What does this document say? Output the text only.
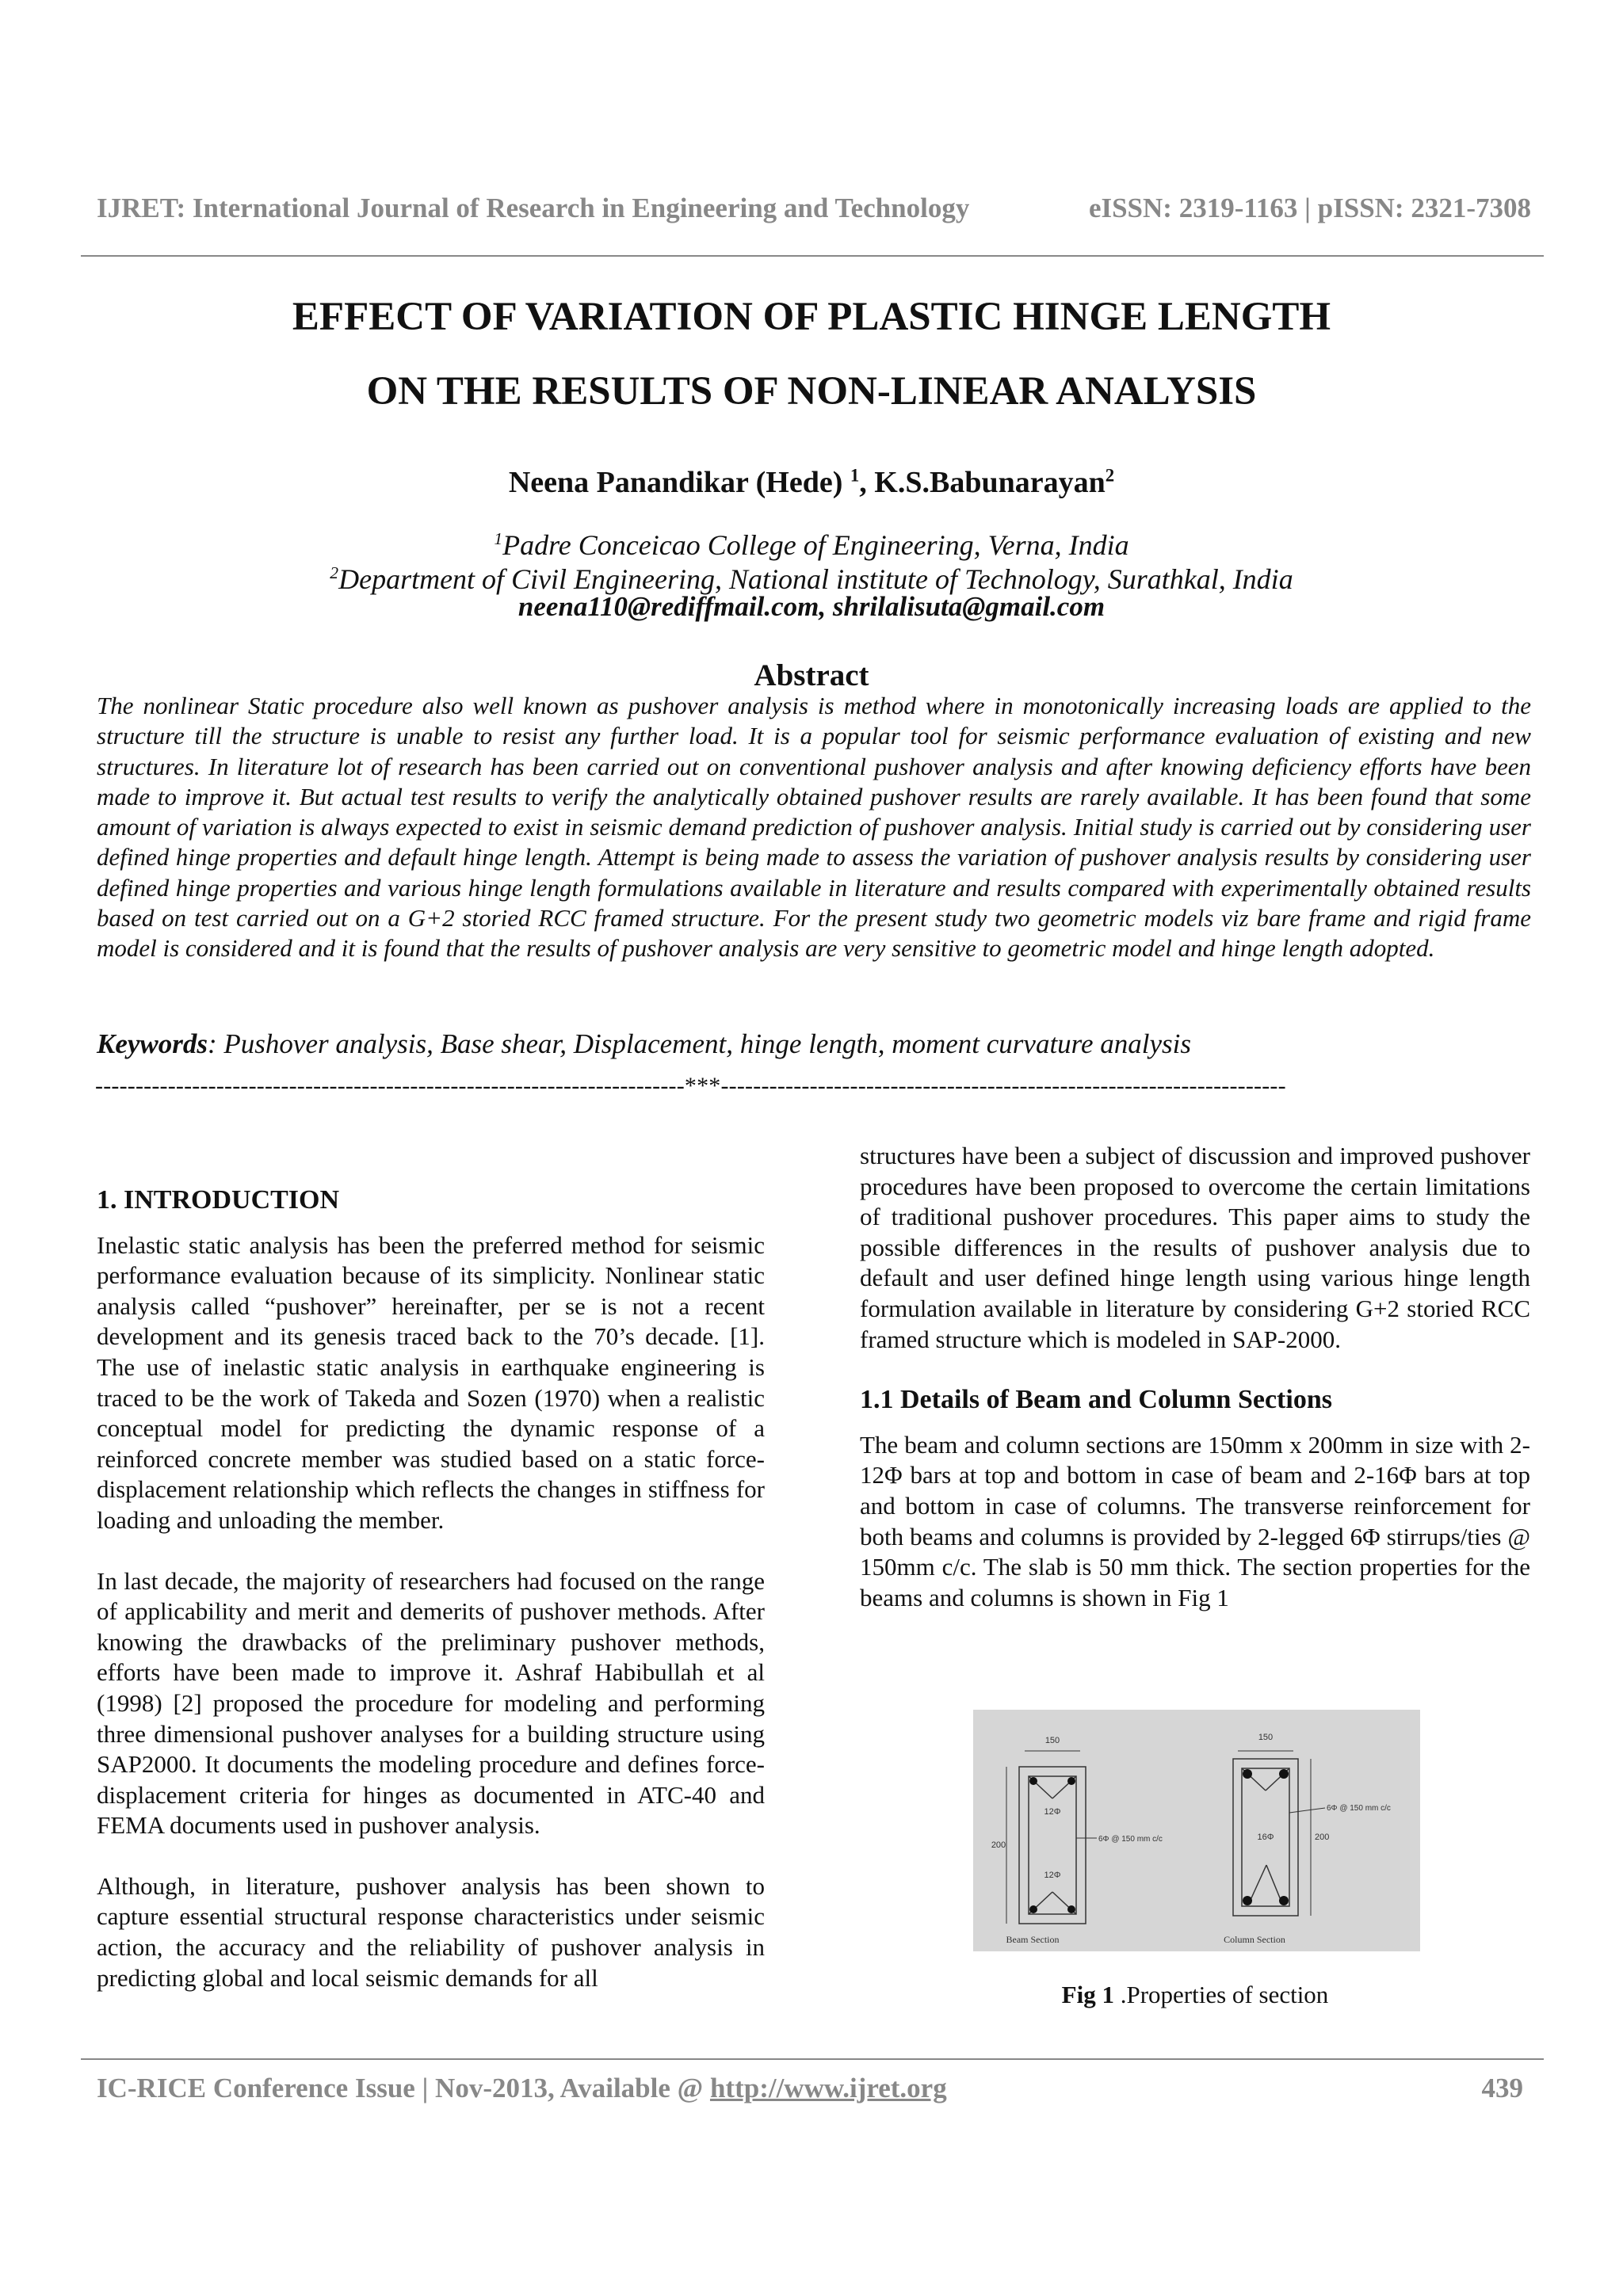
IJRET: International Journal of Research in Engineering and Technology	eISSN: 2319-1163 | pISSN: 2321-7308
EFFECT OF VARIATION OF PLASTIC HINGE LENGTH
ON THE RESULTS OF NON-LINEAR ANALYSIS
Neena Panandikar (Hede) $^1$, K.S.Babunarayan$^2$
$^1$Padre Conceicao College of Engineering, Verna, India
$^2$Department of Civil Engineering, National institute of Technology, Surathkal, India
neena110@rediffmail.com, shrilalisuta@gmail.com
Abstract
The nonlinear Static procedure also well known as pushover analysis is method where in monotonically increasing loads are applied to the structure till the structure is unable to resist any further load. It is a popular tool for seismic performance evaluation of existing and new structures. In literature lot of research has been carried out on conventional pushover analysis and after knowing deficiency efforts have been made to improve it. But actual test results to verify the analytically obtained pushover results are rarely available. It has been found that some amount of variation is always expected to exist in seismic demand prediction of pushover analysis. Initial study is carried out by considering user defined hinge properties and default hinge length. Attempt is being made to assess the variation of pushover analysis results by considering user defined hinge properties and various hinge length formulations available in literature and results compared with experimentally obtained results based on test carried out on a G+2 storied RCC framed structure. For the present study two geometric models viz bare frame and rigid frame model is considered and it is found that the results of pushover analysis are very sensitive to geometric model and hinge length adopted.
Keywords: Pushover analysis, Base shear, Displacement, hinge length, moment curvature analysis
-------------------------------------------------------------------------***----------------------------------------------------------------------
1. INTRODUCTION

Inelastic static analysis has been the preferred method for seismic performance evaluation because of its simplicity. Nonlinear static analysis called “pushover” hereinafter, per se is not a recent development and its genesis traced back to the 70’s decade. [1]. The use of inelastic static analysis in earthquake engineering is traced to be the work of Takeda and Sozen (1970) when a realistic conceptual model for predicting the dynamic response of a reinforced concrete member was studied based on a static force- displacement relationship which reflects the changes in stiffness for loading and unloading the member.

In last decade, the majority of researchers had focused on the range of applicability and merit and demerits of pushover methods. After knowing the drawbacks of the preliminary pushover methods, efforts have been made to improve it. Ashraf Habibullah et al (1998) [2] proposed the procedure for modeling and performing three dimensional pushover analyses for a building structure using SAP2000. It documents the modeling procedure and defines force-displacement criteria for hinges as documented in ATC-40 and FEMA documents used in pushover analysis.

Although, in literature, pushover analysis has been shown to capture essential structural response characteristics under seismic action, the accuracy and the reliability of pushover analysis in predicting global and local seismic demands for all

structures have been a subject of discussion and improved pushover procedures have been proposed to overcome the certain limitations of traditional pushover procedures. This paper aims to study the possible differences in the results of pushover analysis due to default and user defined hinge length using various hinge length formulation available in literature by considering G+2 storied RCC framed structure which is modeled in SAP-2000.

1.1 Details of Beam and Column Sections

The beam and column sections are 150mm x 200mm in size with 2-12Φ bars at top and bottom in case of beam and 2-16Φ bars at top and bottom in case of columns. The transverse reinforcement for both beams and columns is provided by 2-legged 6Φ stirrups/ties @ 150mm c/c. The slab is 50 mm thick. The section properties for the beams and columns is shown in Fig 1

150
200
12Φ
12Φ
6Φ @ 150 mm c/c
Beam Section
150
16Φ	200
6Φ @ 150 mm c/c
Column Section
Fig 1 .Properties of section
IC-RICE Conference Issue | Nov-2013, Available @ http://www.ijret.org	439
